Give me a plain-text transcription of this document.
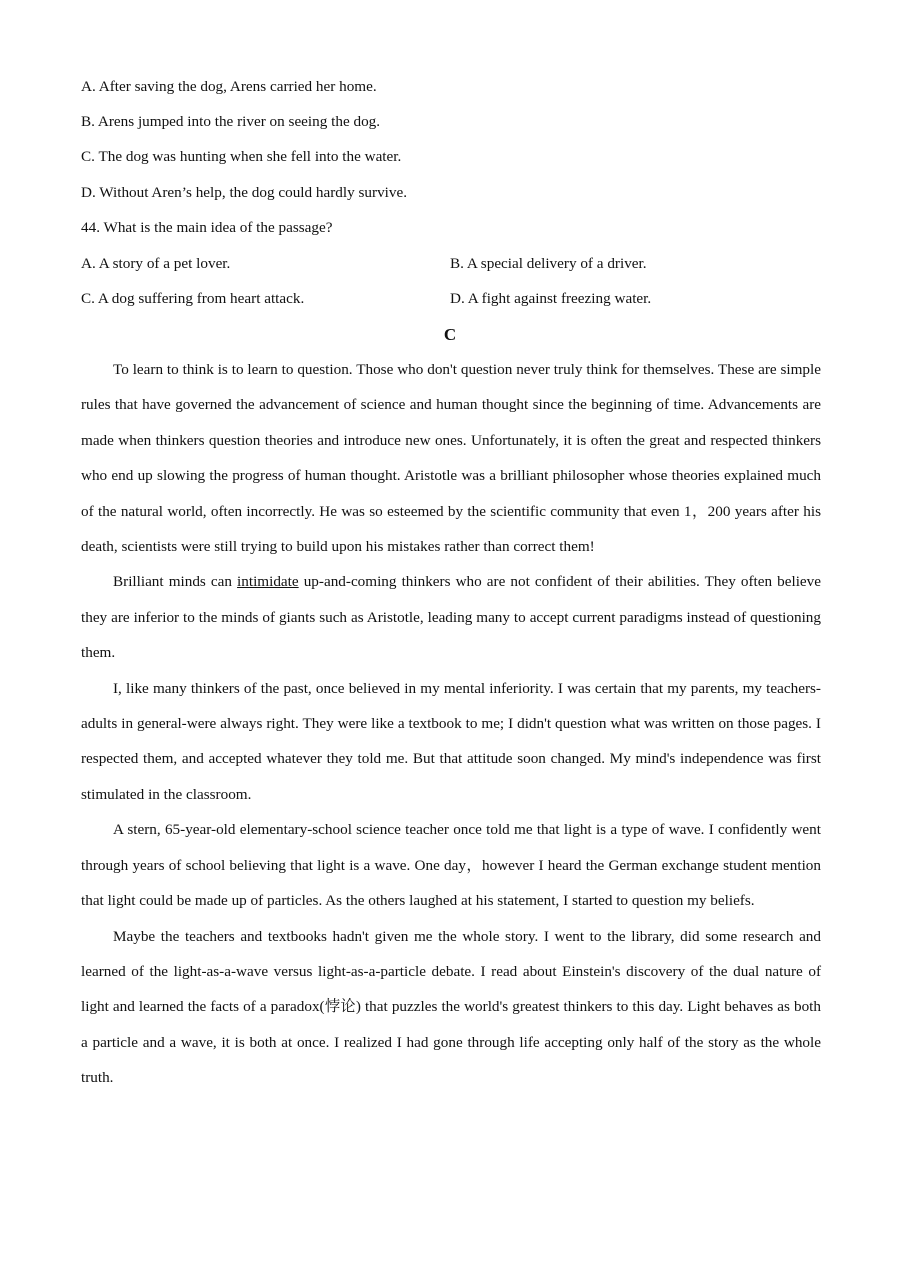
A. After saving the dog, Arens carried her home.
B. Arens jumped into the river on seeing the dog.
C. The dog was hunting when she fell into the water.
D. Without Aren’s help, the dog could hardly survive.
44. What is the main idea of the passage?
A. A story of a pet lover.	B. A special delivery of a driver.
C. A dog suffering from heart attack.	D. A fight against freezing water.
C

To learn to think is to learn to question. Those who don't question never truly think for themselves. These are simple rules that have governed the advancement of science and human thought since the beginning of time. Advancements are made when thinkers question theories and introduce new ones. Unfortunately, it is often the great and respected thinkers who end up slowing the progress of human thought. Aristotle was a brilliant philosopher whose theories explained much of the natural world, often incorrectly. He was so esteemed by the scientific community that even 1，200 years after his death, scientists were still trying to build upon his mistakes rather than correct them!

Brilliant minds can intimidate up-and-coming thinkers who are not confident of their abilities. They often believe they are inferior to the minds of giants such as Aristotle, leading many to accept current paradigms instead of questioning them.

I, like many thinkers of the past, once believed in my mental inferiority. I was certain that my parents, my teachers-adults in general-were always right. They were like a textbook to me; I didn't question what was written on those pages. I respected them, and accepted whatever they told me. But that attitude soon changed. My mind's independence was first stimulated in the classroom.

A stern, 65-year-old elementary-school science teacher once told me that light is a type of wave. I confidently went through years of school believing that light is a wave. One day，however I heard the German exchange student mention that light could be made up of particles. As the others laughed at his statement, I started to question my beliefs.

Maybe the teachers and textbooks hadn't given me the whole story. I went to the library, did some research and learned of the light-as-a-wave versus light-as-a-particle debate. I read about Einstein's discovery of the dual nature of light and learned the facts of a paradox(悖论) that puzzles the world's greatest thinkers to this day. Light behaves as both a particle and a wave, it is both at once. I realized I had gone through life accepting only half of the story as the whole truth.
